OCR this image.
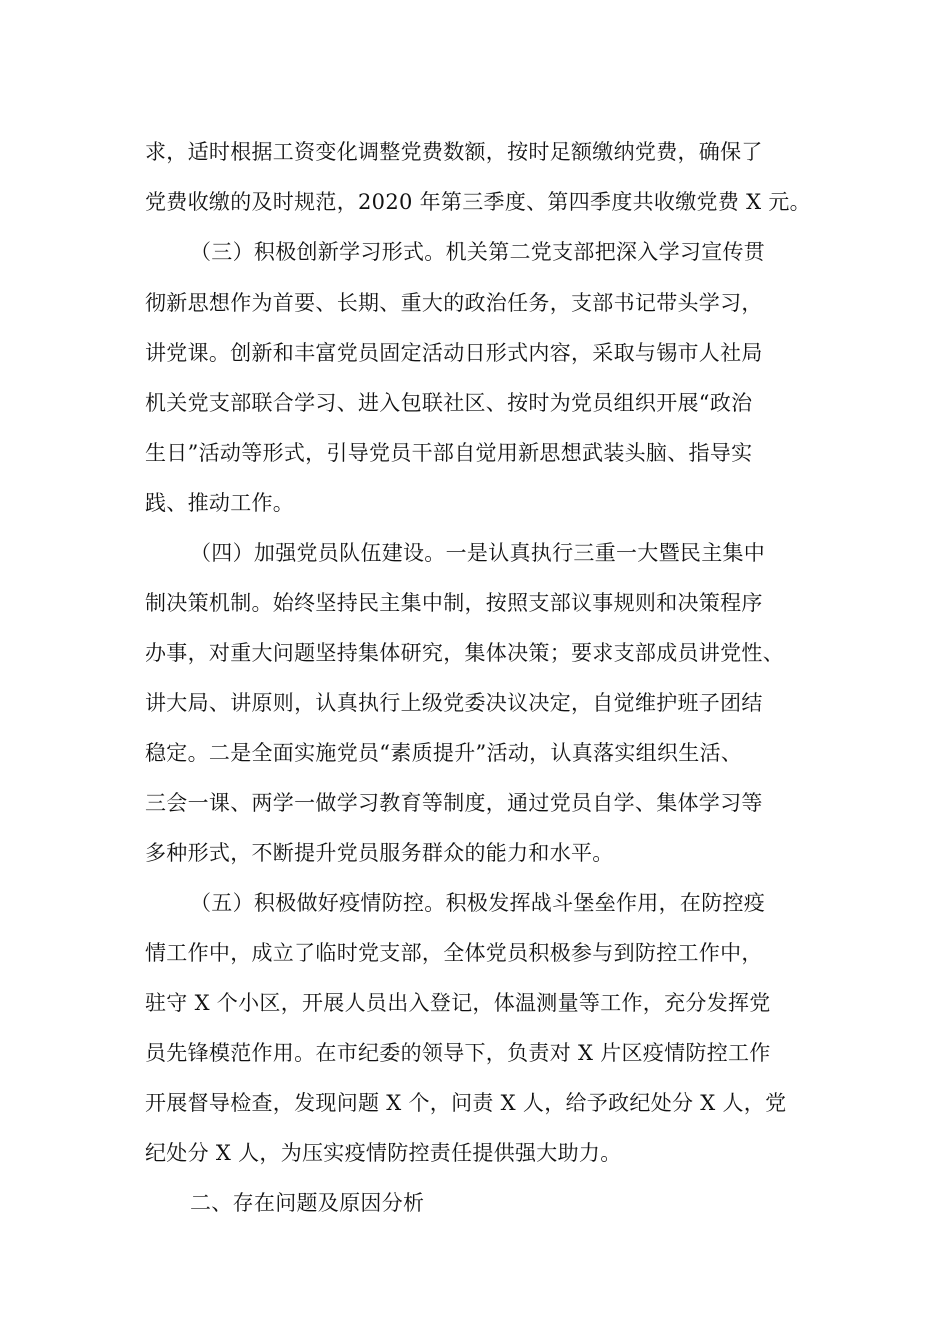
求，适时根据工资变化调整党费数额，按时足额缴纳党费，确保了
党费收缴的及时规范，2020 年第三季度、第四季度共收缴党费 X 元。
（三）积极创新学习形式。机关第二党支部把深入学习宣传贯
彻新思想作为首要、长期、重大的政治任务，支部书记带头学习，
讲党课。创新和丰富党员固定活动日形式内容，采取与锡市人社局
机关党支部联合学习、进入包联社区、按时为党员组织开展“政治
生日”活动等形式，引导党员干部自觉用新思想武装头脑、指导实
践、推动工作。
（四）加强党员队伍建设。一是认真执行三重一大暨民主集中
制决策机制。始终坚持民主集中制，按照支部议事规则和决策程序
办事，对重大问题坚持集体研究，集体决策；要求支部成员讲党性、
讲大局、讲原则，认真执行上级党委决议决定，自觉维护班子团结
稳定。二是全面实施党员“素质提升”活动，认真落实组织生活、
三会一课、两学一做学习教育等制度，通过党员自学、集体学习等
多种形式，不断提升党员服务群众的能力和水平。
（五）积极做好疫情防控。积极发挥战斗堡垒作用，在防控疫
情工作中，成立了临时党支部，全体党员积极参与到防控工作中，
驻守 X 个小区，开展人员出入登记，体温测量等工作，充分发挥党
员先锋模范作用。在市纪委的领导下，负责对 X 片区疫情防控工作
开展督导检查，发现问题 X 个，问责 X 人，给予政纪处分 X 人，党
纪处分 X 人，为压实疫情防控责任提供强大助力。
二、存在问题及原因分析
